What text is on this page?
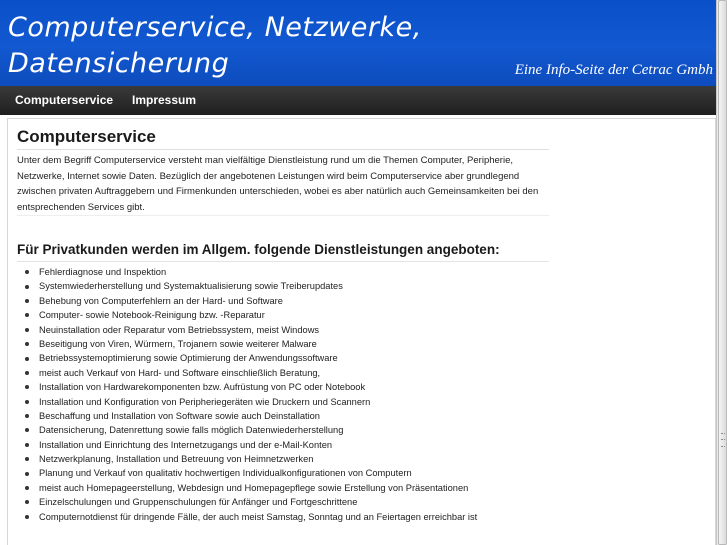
Computerservice, Netzwerke, Datensicherung	Eine Info-Seite der Cetrac Gmbh
Computerservice Impressum
Computerservice

Unter dem Begriff Computerservice versteht man vielfältige Dienstleistung rund um die Themen Computer, Peripherie, Netzwerke, Internet sowie Daten. Bezüglich der angebotenen Leistungen wird beim Computerservice aber grundlegend zwischen privaten Auftraggebern und Firmenkunden unterschieden, wobei es aber natürlich auch Gemeinsamkeiten bei den entsprechenden Services gibt.

Für Privatkunden werden im Allgem. folgende Dienstleistungen angeboten:
Fehlerdiagnose und Inspektion
Systemwiederherstellung und Systemaktualisierung sowie Treiberupdates
Behebung von Computerfehlern an der Hard- und Software
Computer- sowie Notebook-Reinigung bzw. -Reparatur
Neuinstallation oder Reparatur vom Betriebssystem, meist Windows
Beseitigung von Viren, Würmern, Trojanern sowie weiterer Malware
Betriebssystemoptimierung sowie Optimierung der Anwendungssoftware
meist auch Verkauf von Hard- und Software einschließlich Beratung,
Installation von Hardwarekomponenten bzw. Aufrüstung von PC oder Notebook
Installation und Konfiguration von Peripheriegeräten wie Druckern und Scannern
Beschaffung und Installation von Software sowie auch Deinstallation
Datensicherung, Datenrettung sowie falls möglich Datenwiederherstellung
Installation und Einrichtung des Internetzugangs und der e-Mail-Konten
Netzwerkplanung, Installation und Betreuung von Heimnetzwerken
Planung und Verkauf von qualitativ hochwertigen Individualkonfigurationen von Computern
meist auch Homepageerstellung, Webdesign und Homepagepflege sowie Erstellung von Präsentationen
Einzelschulungen und Gruppenschulungen für Anfänger und Fortgeschrittene
Computernotdienst für dringende Fälle, der auch meist Samstag, Sonntag und an Feiertagen erreichbar ist
